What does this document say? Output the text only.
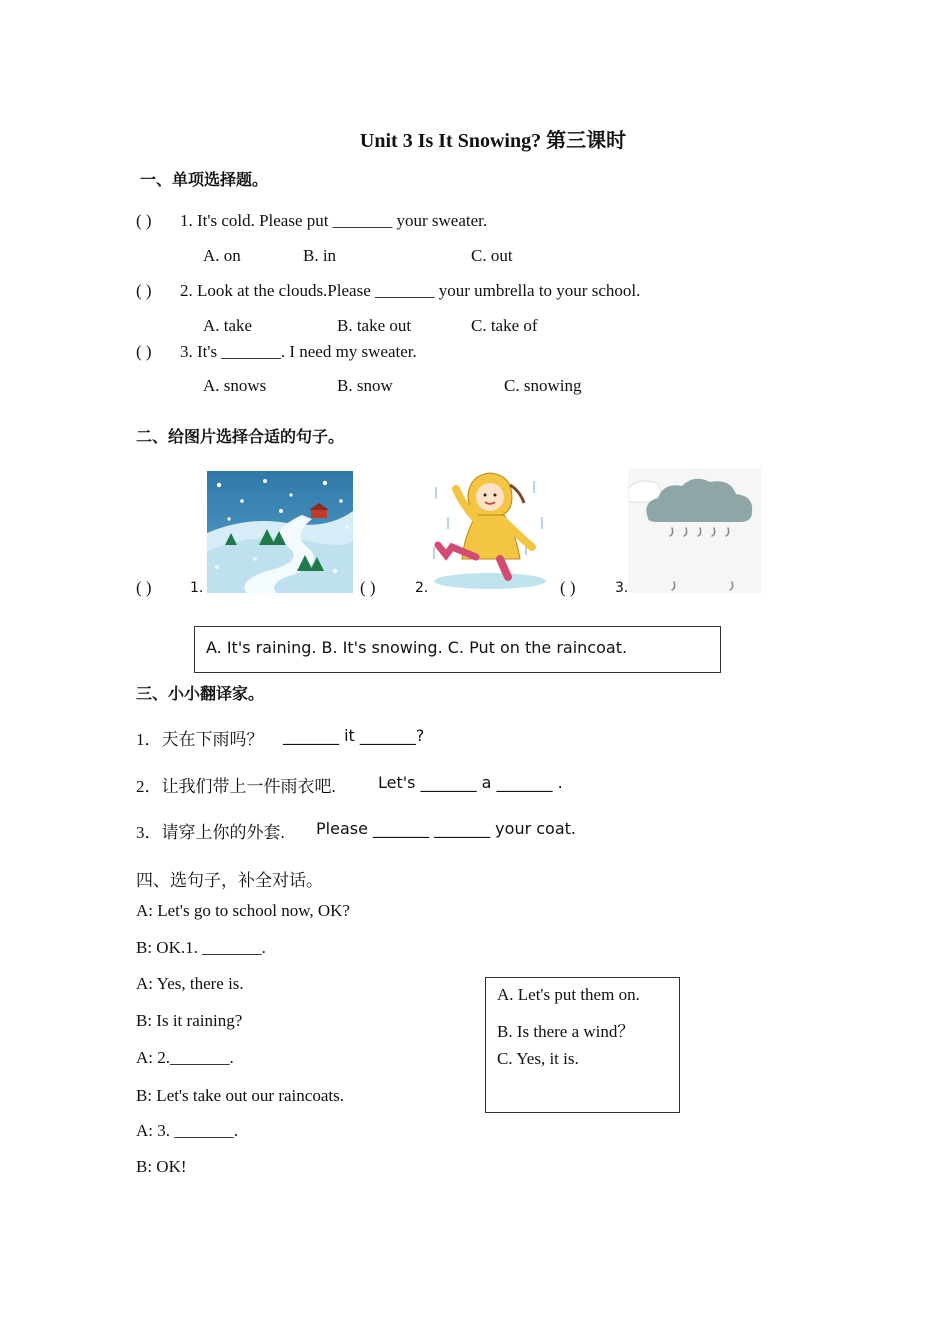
Unit 3 Is It Snowing? 第三课时
一、单项选择题。
( ) 1. It's cold. Please put _______ your sweater.
A. on	B. in	C. out
( ) 2. Look at the clouds.Please _______ your umbrella to your school.
A. take	B. take out	C. take of
( ) 3. It's _______. I need my sweater.
A. snows	B. snow	C. snowing
二、给图片选择合适的句子。
( )	1.	( )	2.	( )	3.
A. It's raining. B. It's snowing. C. Put on the raincoat.
三、小小翻译家。
1．天在下雨吗？ _______ it _______?
2．让我们带上一件雨衣吧.	Let's _______ a _______ .
3．请穿上你的外套. Please _______ _______ your coat.
四、选句子，补全对话。
A: Let's go to school now, OK?
B: OK.1. _______.
A: Yes, there is.
B: Is it raining?
A: 2._______.
B: Let's take out our raincoats.
A: 3. _______.
B: OK!
A. Let's put them on.
B. Is there a wind？
C. Yes, it is.
